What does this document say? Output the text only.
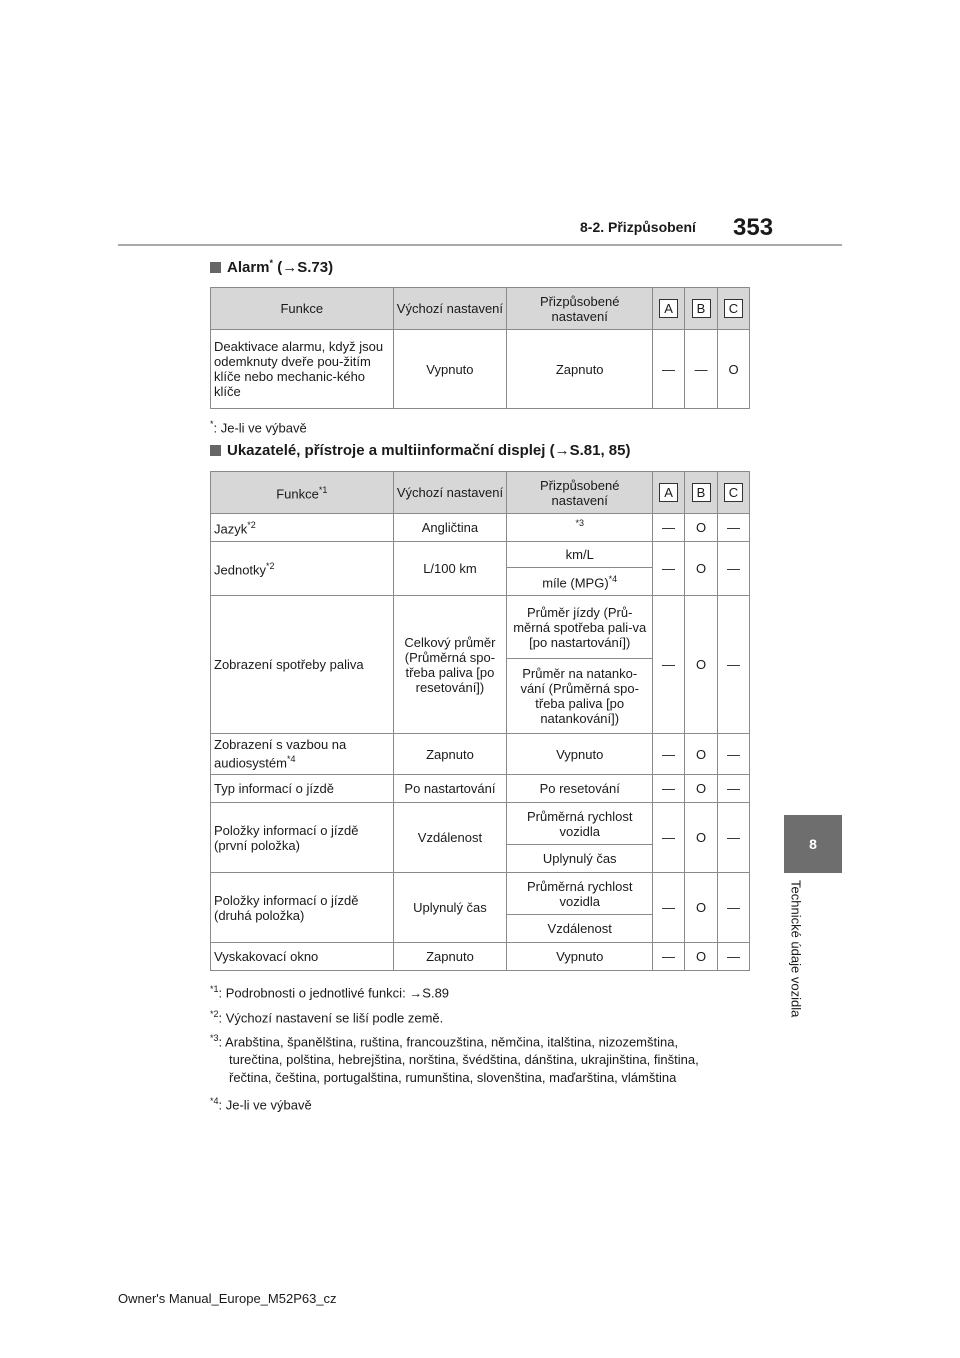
8-2. Přizpůsobení 353
8
Technické údaje vozidla
Alarm* (→S.73)
Funkce	Výchozí nastavení	Přizpůsobené nastavení	A	B	C
Deaktivace alarmu, když jsou odemknuty dveře pou-žitím klíče nebo mechanic-kého klíče	Vypnuto	Zapnuto	—	—	O
*: Je-li ve výbavě
Ukazatelé, přístroje a multiinformační displej (→S.81, 85)
Funkce$^{*1}$	Výchozí nastavení	Přizpůsobené nastavení	A	B	C
Jazyk$^{*2}$	Angličtina	$^{*3}$	—	O	—
Jednotky$^{*2}$	L/100 km	km/L	—	O	—
		míle (MPG)$^{*4}$
Zobrazení spotřeby paliva	Celkový průměr (Průměrná spo-třeba paliva [po resetování])	Průměr jízdy (Prů-měrná spotřeba pali-va [po nastartování])	—	O	—
		Průměr na natanko-vání (Průměrná spo-třeba paliva [po natankování])			
Zobrazení s vazbou na audiosystém$^{*4}$	Zapnuto	Vypnuto	—	O	—
Typ informací o jízdě	Po nastartování	Po resetování	—	O	—
Položky informací o jízdě (první položka)	Vzdálenost	Průměrná rychlost vozidla	—	O	—
		Uplynulý čas			
Položky informací o jízdě (druhá položka)	Uplynulý čas	Průměrná rychlost vozidla	—	O	—
		Vzdálenost			
Vyskakovací okno	Zapnuto	Vypnuto	—	O	—
$^{*1}$: Podrobnosti o jednotlivé funkci: →S.89
$^{*2}$: Výchozí nastavení se liší podle země.
$^{*3}$: Arabština, španělština, ruština, francouzština, němčina, italština, nizozemština,
turečtina, polština, hebrejština, norština, švédština, dánština, ukrajinština, finština,
řečtina, čeština, portugalština, rumunština, slovenština, maďarština, vlámština
$^{*4}$: Je-li ve výbavě
Owner's Manual_Europe_M52P63_cz
